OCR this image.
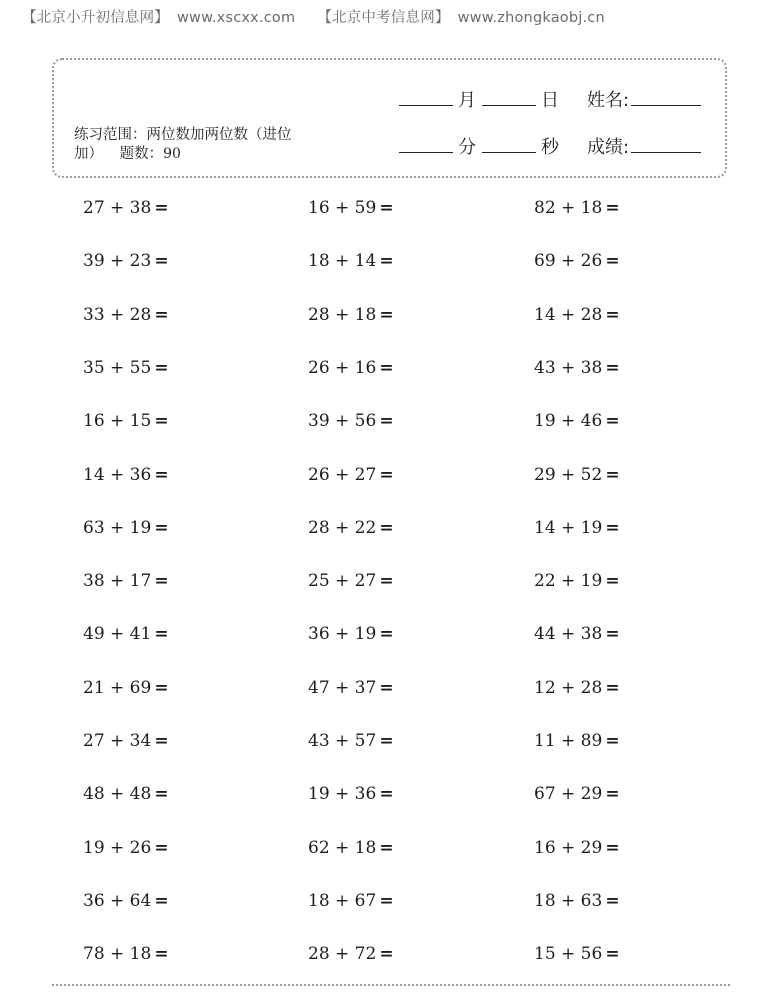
【北京小升初信息网】 www.xscxx.com 【北京中考信息网】 www.zhongkaobj.cn
练习范围：两位数加两位数（进位加） 题数：90
月	日 姓名:
分	秒 成绩:
27 + 38 =	16 + 59 =	82 + 18 =
39 + 23 =	18 + 14 =	69 + 26 =
33 + 28 =	28 + 18 =	14 + 28 =
35 + 55 =	26 + 16 =	43 + 38 =
16 + 15 =	39 + 56 =	19 + 46 =
14 + 36 =	26 + 27 =	29 + 52 =
63 + 19 =	28 + 22 =	14 + 19 =
38 + 17 =	25 + 27 =	22 + 19 =
49 + 41 =	36 + 19 =	44 + 38 =
21 + 69 =	47 + 37 =	12 + 28 =
27 + 34 =	43 + 57 =	11 + 89 =
48 + 48 =	19 + 36 =	67 + 29 =
19 + 26 =	62 + 18 =	16 + 29 =
36 + 64 =	18 + 67 =	18 + 63 =
78 + 18 =	28 + 72 =	15 + 56 =
